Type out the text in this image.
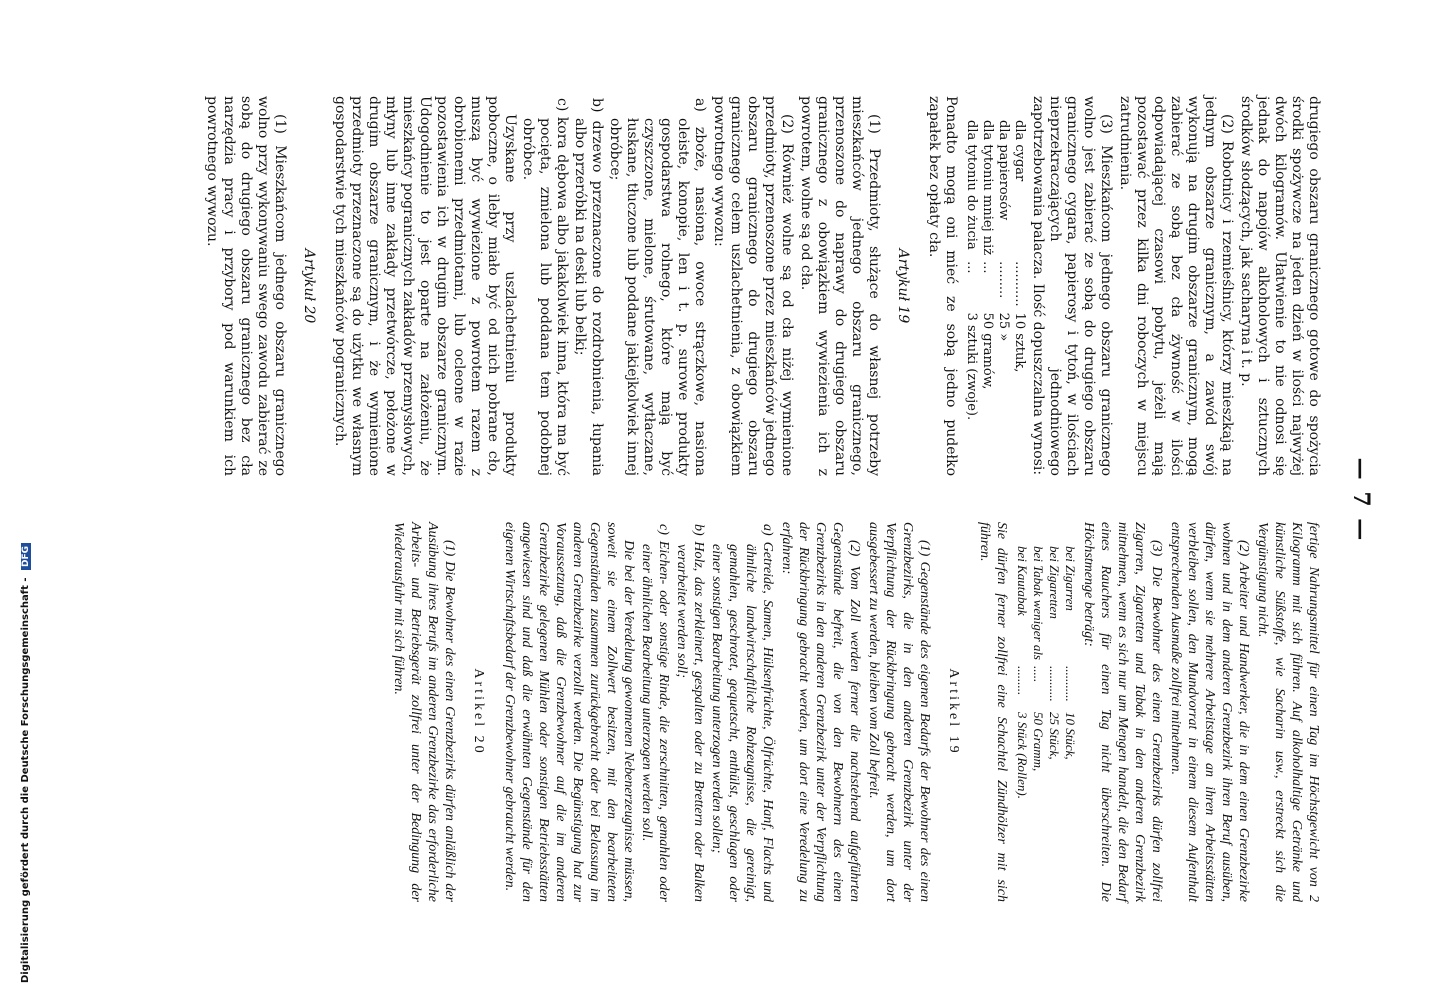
— 7 —

drugiego obszaru granicznego gotowe do spożycia środki spożywcze na jeden dzień w ilości najwyżej dwóch kilogramów. Ułatwienie to nie odnosi się jednak do napojów alkoholowych i sztucznych środków słodzących, jak sacharyna i t. p.

(2) Robotnicy i rzemieślnicy, którzy mieszkają na jednym obszarze granicznym, a zawód swój wykonują na drugim obszarze granicznym, mogą zabierać ze sobą bez cła żywność w ilości odpowiadającej czasowi pobytu, jeżeli mają pozostawać przez kilka dni roboczych w miejscu zatrudnienia.

(3) Mieszkańcom jednego obszaru granicznego wolno jest zabierać ze sobą do drugiego obszaru granicznego cygara, papierosy i tytoń, w ilościach nieprzekraczających jednodniowego zapotrzebowania palacza. Ilość dopuszczalna wynosi:

dla cygar	...........	10 sztuk,
dla papierosów	.........	25 »
dla tytoniu mniej niż	...	50 gramów,
dla tytoniu do żucia	...	3 sztuki (zwoje).

Ponadto mogą oni mieć ze sobą jedno pudełko zapałek bez opłaty cła.

Artykuł 19

(1) Przedmioty, służące do własnej potrzeby mieszkańców jednego obszaru granicznego, przenoszone do naprawy do drugiego obszaru granicznego z obowiązkiem wywiezienia ich z powrotem, wolne są od cła.

(2) Również wolne są od cła niżej wymienione przedmioty, przenoszone przez mieszkańców jednego obszaru granicznego do drugiego obszaru granicznego celem uszlachetnienia, z obowiązkiem powrotnego wywozu:

a) zboże, nasiona, owoce strączkowe, nasiona oleiste, konopie, len i t. p. surowe produkty gospodarstwa rolnego, które mają być czyszczone, mielone, śrutowane, wytłaczane, łuskane, tłuczone lub poddane jakiejkolwiek innej obróbce;
b) drzewo przeznaczone do rozdrobnienia, łupania albo przeróbki na deski lub belki;
c) kora dębowa albo jakakolwiek inna, która ma być pocięta, zmielona lub poddana tem podobnej obróbce.

Uzyskane przy uszlachetnieniu produkty poboczne, o ileby miało być od nich pobrane cło, muszą być wywiezione z powrotem razem z obrobionemi przedmiotami, lub ocleone w razie pozostawienia ich w drugim obszarze granicznym. Udogodnienie to jest oparte na założeniu, że mieszkańcy pogranicznych zakładów przemysłowych, młyny lub inne zakłady przetwórcze, położone w drugim obszarze granicznym, i że wymienione przedmioty przeznaczone są do użytku we własnym gospodarstwie tych mieszkańców pogranicznych.

Artykuł 20

(1) Mieszkańcom jednego obszaru granicznego wolno przy wykonywaniu swego zawodu zabierać ze sobą do drugiego obszaru granicznego bez cła narzędzia pracy i przybory pod warunkiem ich powrotnego wywozu.

fertige Nahrungsmittel für einen Tag im Höchstgewicht von 2 Kilogramm mit sich führen. Auf alkoholhaltige Getränke und künstliche Süßstoffe, wie Sacharin usw., erstreckt sich die Vergünstigung nicht.

(2) Arbeiter und Handwerker, die in dem einen Grenzbezirke wohnen und in dem anderen Grenzbezirk ihren Beruf ausüben, dürfen, wenn sie mehrere Arbeitstage an ihren Arbeitsstätten verbleiben sollen, den Mundvorrat in einem diesem Aufenthalt entsprechenden Ausmaße zollfrei mitnehmen.

(3) Die Bewohner des einen Grenzbezirks dürfen zollfrei Zigarren, Zigaretten und Tabak in den anderen Grenzbezirk mitnehmen, wenn es sich nur um Mengen handelt, die den Bedarf eines Rauchers für einen Tag nicht überschreiten. Die Höchstmenge beträgt:

bei Zigarren	...........	10 Stück,
bei Zigaretten	...........	25 Stück,
bei Tabak weniger als	.....	50 Gramm,
bei Kautabak	.........	3 Stück (Rollen).

Sie dürfen ferner zollfrei eine Schachtel Zündhölzer mit sich führen.

Artikel 19

(1) Gegenstände des eigenen Bedarfs der Bewohner des einen Grenzbezirks, die in den anderen Grenzbezirk unter der Verpflichtung der Rückbringung gebracht werden, um dort ausgebessert zu werden, bleiben vom Zoll befreit.

(2) Vom Zoll werden ferner die nachstehend aufgeführten Gegenstände befreit, die von den Bewohnern des einen Grenzbezirks in den anderen Grenzbezirk unter der Verpflichtung der Rückbringung gebracht werden, um dort eine Veredelung zu erfahren:

a) Getreide, Samen, Hülsenfrüchte, Ölfrüchte, Hanf, Flachs und ähnliche landwirtschaftliche Rohzeugnisse, die gereinigt, gemahlen, geschrotet, gequetscht, enthülst, geschlagen oder einer sonstigen Bearbeitung unterzogen werden sollen;
b) Holz, das zerkleinert, gespalten oder zu Brettern oder Balken verarbeitet werden soll;
c) Eichen- oder sonstige Rinde, die zerschnitten, gemahlen oder einer ähnlichen Bearbeitung unterzogen werden soll.

Die bei der Veredelung gewonnenen Nebenerzeugnisse müssen, soweit sie einem Zollwert besitzen, mit den bearbeiteten Gegenständen zusammen zurückgebracht oder bei Belassung im anderen Grenzbezirke verzollt werden. Die Begünstigung hat zur Voraussetzung, daß die Grenzbewohner auf die im anderen Grenzbezirke gelegenen Mühlen oder sonstigen Betriebsstätten angewiesen sind und daß die erwähnten Gegenstände für den eigenen Wirtschaftsbedarf der Grenzbewohner gebraucht werden.

Artikel 20

(1) Die Bewohner des einen Grenzbezirks dürfen anläßlich der Ausübung ihres Berufs im anderen Grenzbezirke das erforderliche Arbeits- und Betriebsgerät zollfrei unter der Bedingung der Wiederausfuhr mit sich führen.

Digitalisierung gefördert durch die Deutsche Forschungsgemeinschaft - DFG
